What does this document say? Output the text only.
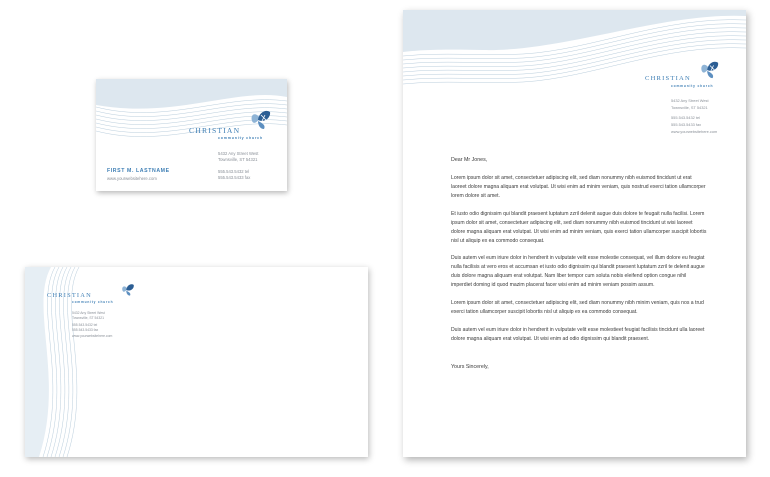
CHRISTIAN

community church

5432 Any Street West

Townsville, ST 54321

555.543.5432 tel

555.543.5433 fax

FIRST M. LASTNAME

www.yourwebsitehere.com

CHRISTIAN

community church

5432 Any Street West

Townsville, ST 54321

555.543.5432 tel

555.543.5433 fax

www.yourwebsitehere.com

CHRISTIAN

community church

5432 Any Street West

Townsville, ST 54321

555.543.5432 tel

555.543.5433 fax

www.yourwebsitehere.com

Dear Mr Jones,

Lorem ipsum dolor sit amet, consectetuer adipiscing elit, sed diam nonummy nibh euismod tincidunt ut erat laoreet dolore magna aliquam erat volutpat. Ut wisi enim ad minim veniam, quis nostrud exerci tation ullamcorper lorem dolore sit amet.

Et iusto odio dignissim qui blandit praesent luptatum zzril delenit augue duis dolore te feugait nulla facilisi. Lorem ipsum dolor sit amet, consectetuer adipiscing elit, sed diam nonummy nibh euismod tincidunt ut wisi laoreet dolore magna aliquam erat volutpat. Ut wisi enim ad minim veniam, quis exerci tation ullamcorper suscipit lobortis nisl ut aliquip ex ea commodo consequat.

Duis autem vel eum iriure dolor in hendrerit in vulputate velit esse molestie consequat, vel illum dolore eu feugiat nulla facilisis at vero eros et accumsan et iusto odio dignissim qui blandit praesent luptatum zzril te delenit augue duis dolore magna aliquam erat volutpat. Nam liber tempor cum soluta nobis eleifend option congue nihil imperdiet doming id quod mazim placerat facer wisi enim ad minim veniam possim assum.

Lorem ipsum dolor sit amet, consectetuer adipiscing elit, sed diam nonummy nibh minim veniam, quis nos a trud exerci tation ullamcorper suscipit lobortis nisl ut aliquip ex ea commodo consequat.

Duis autem vel eum iriure dolor in hendrerit in vulputate velit esse molestieet feugiat facilisis tincidunt ulla laoreet dolore magna aliquam erat volutpat. Ut wisi enim ad odio dignissim qui blandit praesent.

Yours Sincerely,
